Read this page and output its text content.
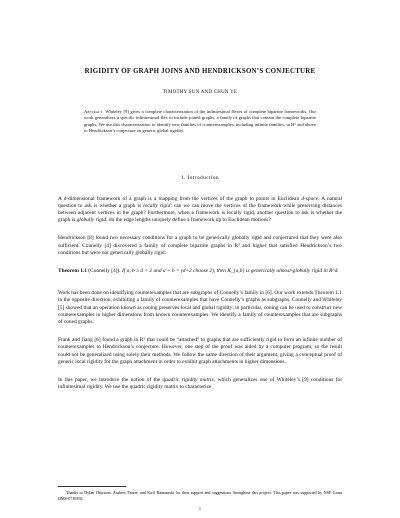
RIGIDITY OF GRAPH JOINS AND HENDRICKSON’S CONJECTURE
TIMOTHY SUN AND CHUN YE

Abstract. Whiteley [9] gives a complete characterization of the infinitesimal flexes of complete bipartite frameworks. Our work generalizes a specific infinitesimal flex to include joined graphs, a family of graphs that contain the complete bipartite graphs. We use this characterization to identify new families of counterexamples, including infinite families, in R⁵ and above to Hendrickson’s conjecture on generic global rigidity.

1. Introduction

A d-dimensional framework of a graph is a mapping from the vertices of the graph to points in Euclidean d-space. A natural question to ask is whether a graph is locally rigid: can we can move the vertices of the framework while preserving distances between adjacent vertices in the graph? Furthermore, when a framework is locally rigid, another question to ask is whether the graph is globally rigid: do the edge lengths uniquely define a framework up to Euclidean motions?

Hendrickson [8] found two necessary conditions for a graph to be generically globally rigid and conjectured that they were also sufficient. Connelly [4] discovered a family of complete bipartite graphs in R³ and higher that satisfied Hendrickson’s two conditions but were not generically globally rigid:

Theorem 1.1 (Connelly [4]). If a, b ≥ d + 2 and a + b = (d+2 choose 2), then K_{a,b} is generically almost-globally rigid in R^d.

Work has been done on identifying counterexamples that are subgraphs of Connelly’s family in [6]. Our work extends Theorem 1.1 in the opposite direction, exhibiting a family of counterexamples that have Connelly’s graphs as subgraphs. Connelly and Whiteley [5] showed that an operation known as coning preserves local and global rigidity; in particular, coning can be used to construct new counterexamples in higher dimensions from known counterexamples. We identify a family of counterexamples that are subgraphs of coned graphs.

Frank and Jiang [6] found a graph in R⁵ that could be “attached” to graphs that are sufficiently rigid to form an infinite number of counterexamples to Hendrickson’s conjecture. However, one step of the proof was aided by a computer program, so the result could not be generalized using solely their methods. We follow the same direction of their argument, giving a conceptual proof of generic local rigidity for the graph attachment in order to exhibit graph attachments in higher dimensions.

In this paper, we introduce the notion of the quadric rigidity matrix, which generalizes one of Whiteley’s [9] conditions for infinitesimal rigidity. We use the quadric rigidity matrix to characterize

Thanks to Dylan Thurston, Andrew Fanoe, and Kiril Ratmanski for their support and suggestions throughout this project. This paper was supported by NSF Grant DMS-0739392.
1
